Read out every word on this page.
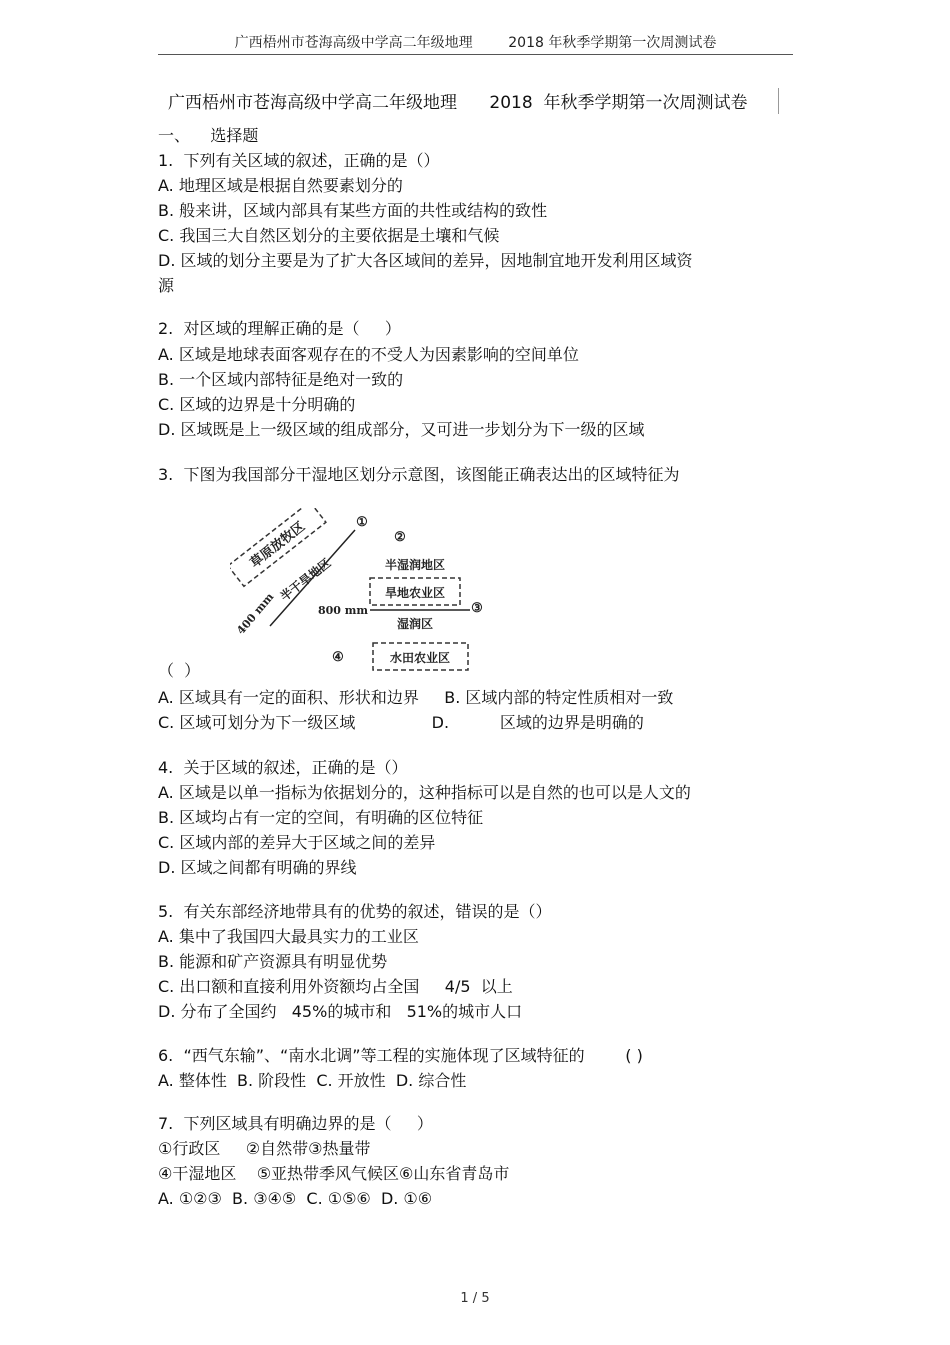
广西梧州市苍海高级中学高二年级地理        2018 年秋季学期第一次周测试卷
广西梧州市苍海高级中学高二年级地理      2018  年秋季学期第一次周测试卷
一、    选择题
1.  下列有关区域的叙述，正确的是（）
A. 地理区域是根据自然要素划分的
B. 般来讲，区域内部具有某些方面的共性或结构的致性
C. 我国三大自然区划分的主要依据是土壤和气候
D. 区域的划分主要是为了扩大各区域间的差异，因地制宜地开发利用区域资
源
2.  对区域的理解正确的是（     ）
A. 区域是地球表面客观存在的不受人为因素影响的空间单位
B. 一个区域内部特征是绝对一致的
C. 区域的边界是十分明确的
D. 区域既是上一级区域的组成部分，又可进一步划分为下一级的区域
3.  下图为我国部分干湿地区划分示意图，该图能正确表达出的区域特征为
草原放牧区
半干旱地区
400 mm
①
②
半湿润地区
旱地农业区
800 mm	③
湿润区
④	水田农业区
（  ）
A. 区域具有一定的面积、形状和边界     B. 区域内部的特定性质相对一致
C. 区域可划分为下一级区域               D.          区域的边界是明确的
4.  关于区域的叙述，正确的是（）
A. 区域是以单一指标为依据划分的，这种指标可以是自然的也可以是人文的
B. 区域均占有一定的空间，有明确的区位特征
C. 区域内部的差异大于区域之间的差异
D. 区域之间都有明确的界线
5.  有关东部经济地带具有的优势的叙述，错误的是（）
A. 集中了我国四大最具实力的工业区
B. 能源和矿产资源具有明显优势
C. 出口额和直接利用外资额均占全国     4/5  以上
D. 分布了全国约   45%的城市和   51%的城市人口
6.  “西气东输”、“南水北调”等工程的实施体现了区域特征的        ( )
A. 整体性  B. 阶段性  C. 开放性  D. 综合性
7.  下列区域具有明确边界的是（     ）
①行政区     ②自然带③热量带
④干湿地区    ⑤亚热带季风气候区⑥山东省青岛市
A. ①②③  B. ③④⑤  C. ①⑤⑥  D. ①⑥
1 / 5
